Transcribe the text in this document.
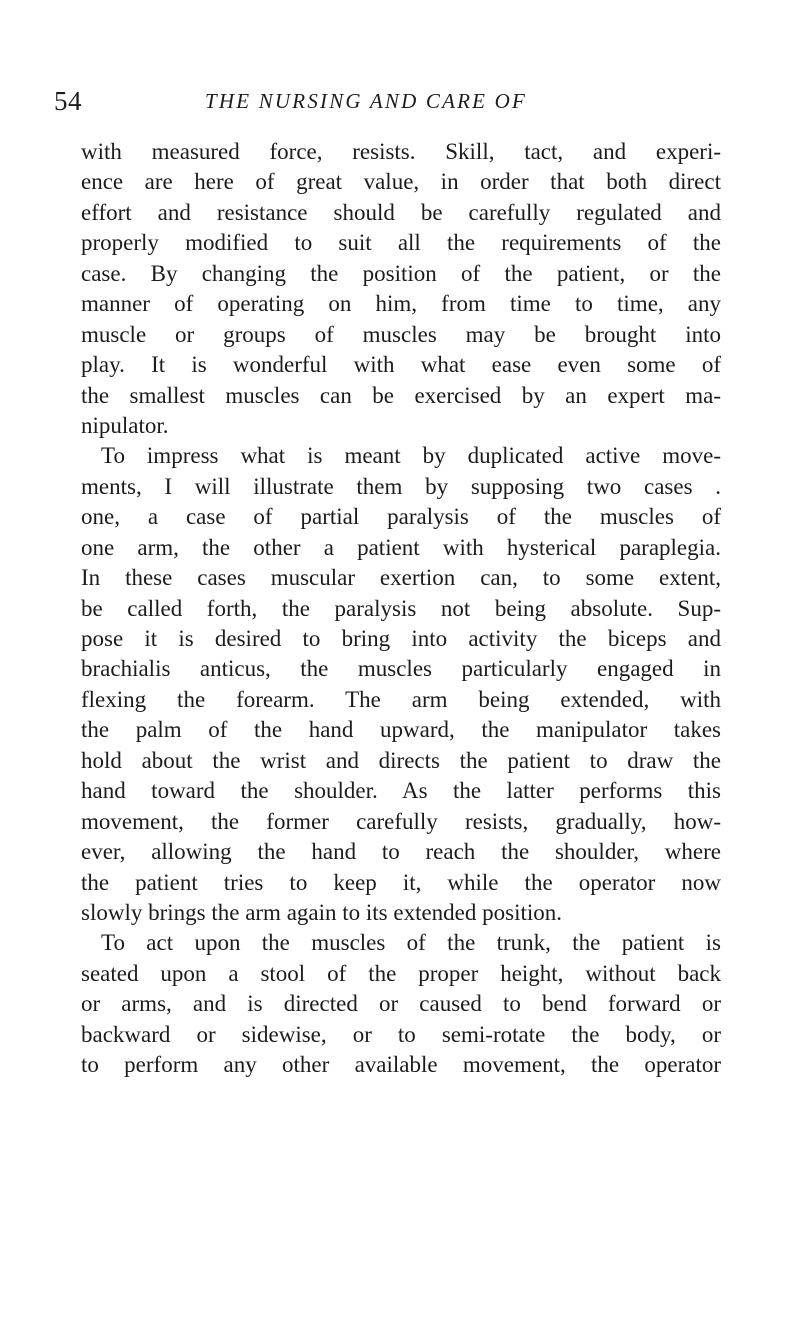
54	THE NURSING AND CARE OF
with measured force, resists. Skill, tact, and experi-
ence are here of great value, in order that both direct
effort and resistance should be carefully regulated and
properly modified to suit all the requirements of the
case. By changing the position of the patient, or the
manner of operating on him, from time to time, any
muscle or groups of muscles may be brought into
play. It is wonderful with what ease even some of
the smallest muscles can be exercised by an expert ma-
nipulator.
To impress what is meant by duplicated active move-
ments, I will illustrate them by supposing two cases .
one, a case of partial paralysis of the muscles of
one arm, the other a patient with hysterical paraplegia.
In these cases muscular exertion can, to some extent,
be called forth, the paralysis not being absolute. Sup-
pose it is desired to bring into activity the biceps and
brachialis anticus, the muscles particularly engaged in
flexing the forearm. The arm being extended, with
the palm of the hand upward, the manipulator takes
hold about the wrist and directs the patient to draw the
hand toward the shoulder. As the latter performs this
movement, the former carefully resists, gradually, how-
ever, allowing the hand to reach the shoulder, where
the patient tries to keep it, while the operator now
slowly brings the arm again to its extended position.
To act upon the muscles of the trunk, the patient is
seated upon a stool of the proper height, without back
or arms, and is directed or caused to bend forward or
backward or sidewise, or to semi-rotate the body, or
to perform any other available movement, the operator
